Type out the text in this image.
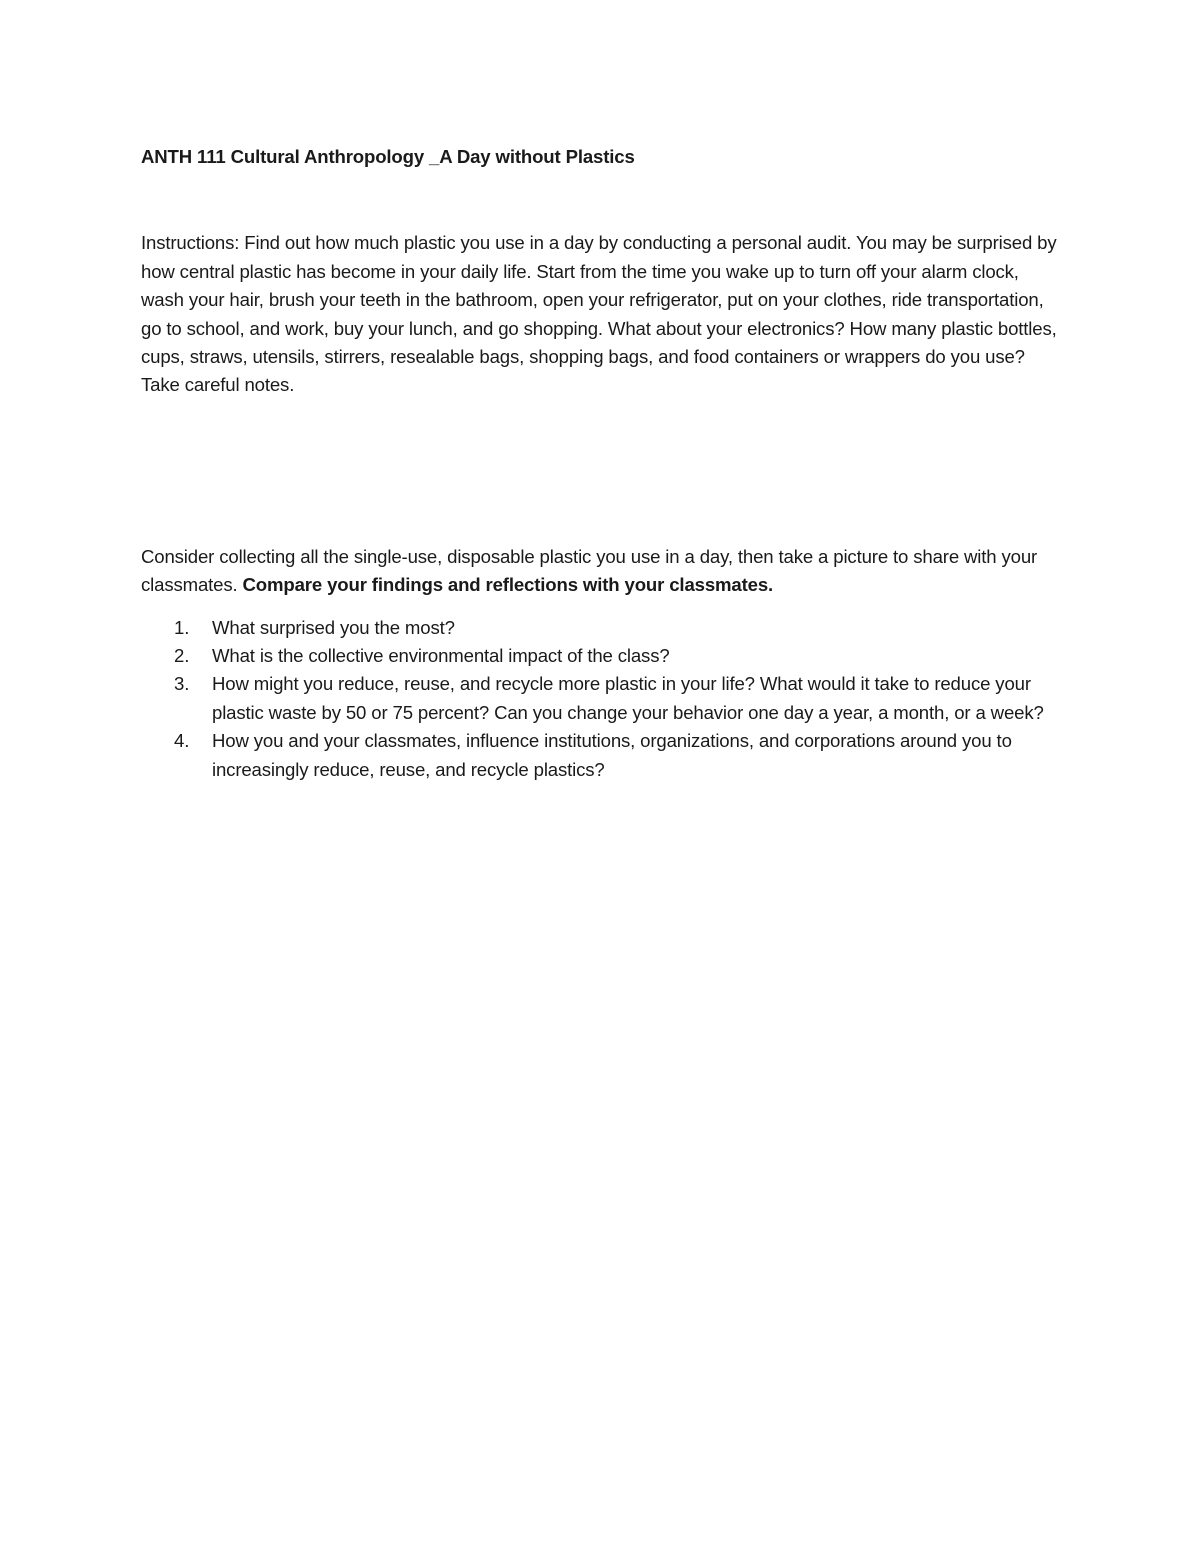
ANTH 111 Cultural Anthropology _A Day without Plastics

Instructions: Find out how much plastic you use in a day by conducting a personal audit. You may be surprised by how central plastic has become in your daily life. Start from the time you wake up to turn off your alarm clock, wash your hair, brush your teeth in the bathroom, open your refrigerator, put on your clothes, ride transportation, go to school, and work, buy your lunch, and go shopping. What about your electronics? How many plastic bottles, cups, straws, utensils, stirrers, resealable bags, shopping bags, and food containers or wrappers do you use? Take careful notes.

Consider collecting all the single-use, disposable plastic you use in a day, then take a picture to share with your classmates. Compare your findings and reflections with your classmates.

1. What surprised you the most?
2. What is the collective environmental impact of the class?
3. How might you reduce, reuse, and recycle more plastic in your life? What would it take to reduce your plastic waste by 50 or 75 percent? Can you change your behavior one day a year, a month, or a week?
4. How you and your classmates, influence institutions, organizations, and corporations around you to increasingly reduce, reuse, and recycle plastics?
